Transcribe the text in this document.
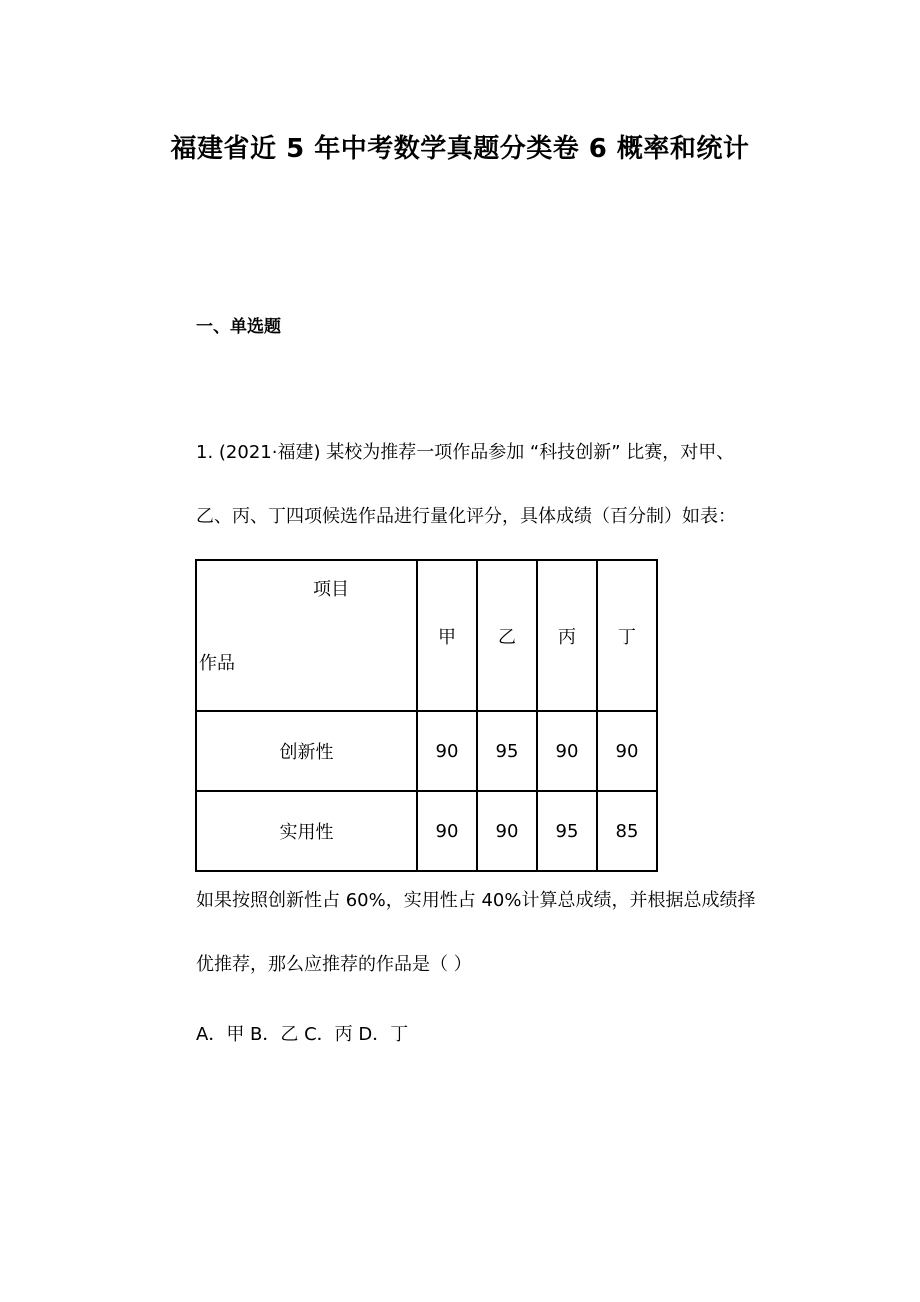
福建省近 5 年中考数学真题分类卷 6 概率和统计
一、单选题
1. (2021·福建) 某校为推荐一项作品参加 “科技创新” 比赛，对甲、
乙、丙、丁四项候选作品进行量化评分，具体成绩（百分制）如表：
项目
作品	甲	乙	丙	丁
创新性	90	95	90	90
实用性	90	90	95	85
如果按照创新性占 60%，实用性占 40%计算总成绩，并根据总成绩择
优推荐，那么应推荐的作品是（ ）
A．甲 B．乙 C．丙 D．丁
